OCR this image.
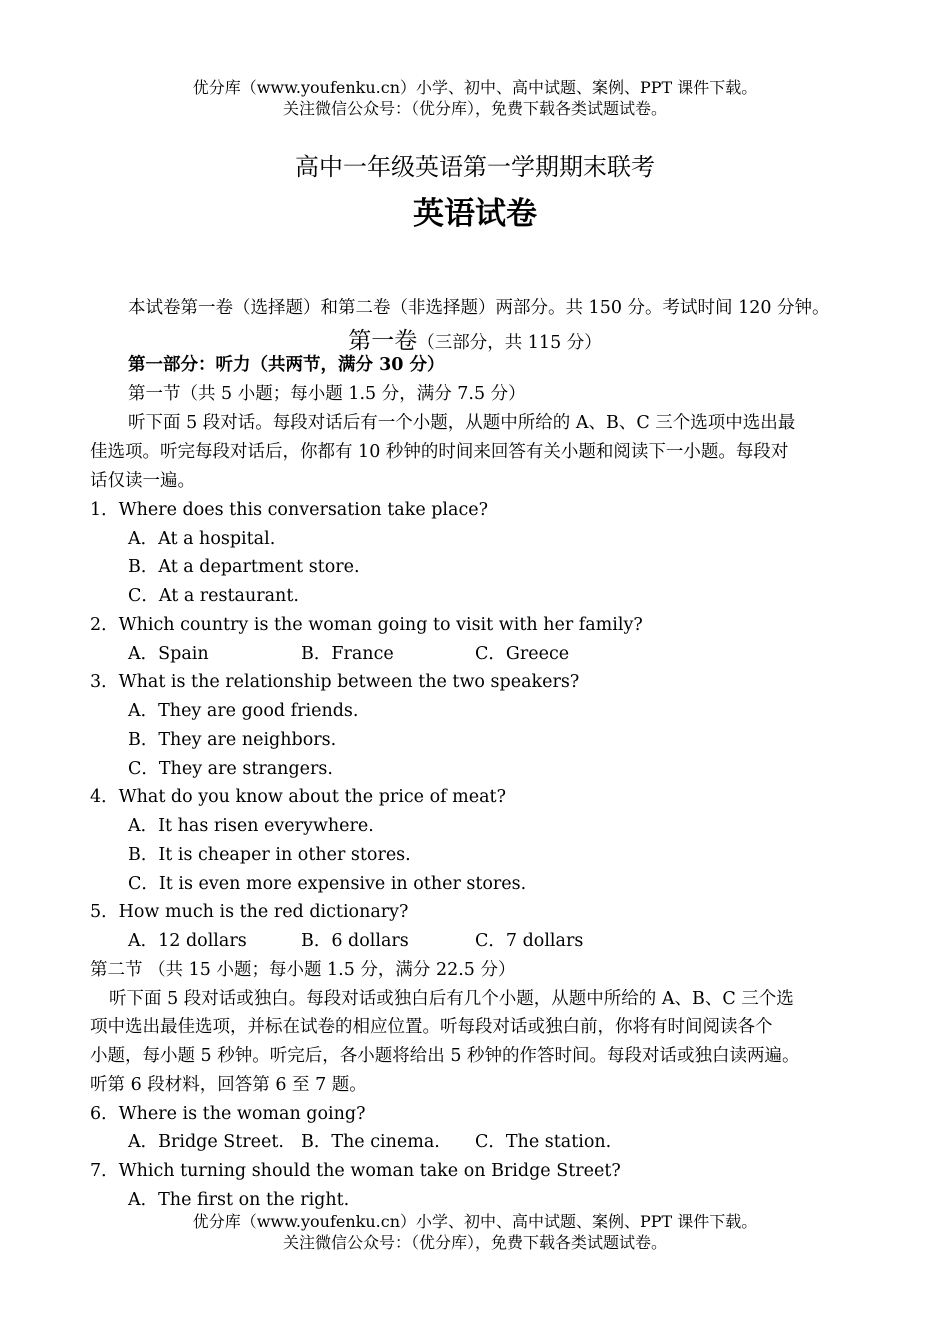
优分库（www.youfenku.cn）小学、初中、高中试题、案例、PPT 课件下载。
关注微信公众号：（优分库），免费下载各类试题试卷。
高中一年级英语第一学期期末联考
英语试卷
本试卷第一卷（选择题）和第二卷（非选择题）两部分。共 150 分。考试时间 120 分钟。
第一卷（三部分，共 115 分）
第一部分：听力（共两节，满分 30 分）
第一节（共 5 小题；每小题 1.5 分，满分 7.5 分）
听下面 5 段对话。每段对话后有一个小题，从题中所给的 A、B、C 三个选项中选出最
佳选项。听完每段对话后，你都有 10 秒钟的时间来回答有关小题和阅读下一小题。每段对
话仅读一遍。
1．Where does this conversation take place?
A．At a hospital.
B．At a department store.
C．At a restaurant.
2．Which country is the woman going to visit with her family?
A．Spain	B．France	C．Greece
3．What is the relationship between the two speakers?
A．They are good friends.
B．They are neighbors.
C．They are strangers.
4．What do you know about the price of meat?
A．It has risen everywhere.
B．It is cheaper in other stores.
C．It is even more expensive in other stores.
5．How much is the red dictionary?
A．12 dollars	B．6 dollars	C．7 dollars
第二节 （共 15 小题；每小题 1.5 分，满分 22.5 分）
听下面 5 段对话或独白。每段对话或独白后有几个小题，从题中所给的 A、B、C 三个选
项中选出最佳选项，并标在试卷的相应位置。听每段对话或独白前，你将有时间阅读各个
小题，每小题 5 秒钟。听完后，各小题将给出 5 秒钟的作答时间。每段对话或独白读两遍。
听第 6 段材料，回答第 6 至 7 题。
6．Where is the woman going?
A．Bridge Street. B．The cinema. C．The station.
7．Which turning should the woman take on Bridge Street?
A．The first on the right.
优分库（www.youfenku.cn）小学、初中、高中试题、案例、PPT 课件下载。
关注微信公众号：（优分库），免费下载各类试题试卷。
